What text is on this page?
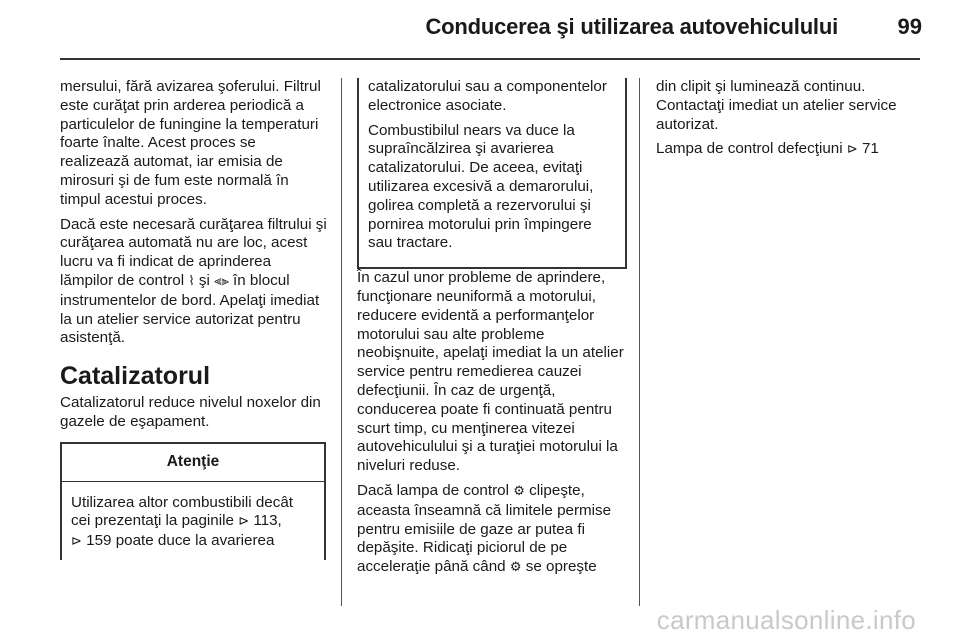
Conducerea şi utilizarea autovehiculului	99

mersului, fără avizarea şoferului. Filtrul este curăţat prin arderea periodică a particulelor de funingine la temperaturi foarte înalte. Acest proces se realizează automat, iar emisia de mirosuri şi de fum este normală în timpul acestui proces.

Dacă este necesară curăţarea filtrului şi curăţarea automată nu are loc, acest lucru va fi indicat de aprinderea lămpilor de control ⌇ şi ⫷⫸ în blocul instrumentelor de bord. Apelaţi imediat la un atelier service autorizat pentru asistenţă.

Catalizatorul

Catalizatorul reduce nivelul noxelor din gazele de eşapament.

Atenţie
Utilizarea altor combustibili decât cei prezentaţi la paginile ⊳ 113,
⊳ 159 poate duce la avarierea

catalizatorului sau a componentelor electronice asociate.

Combustibilul nears va duce la supraîncălzirea şi avarierea catalizatorului. De aceea, evitaţi utilizarea excesivă a demarorului, golirea completă a rezervorului şi pornirea motorului prin împingere sau tractare.

În cazul unor probleme de aprindere, funcţionare neuniformă a motorului, reducere evidentă a performanţelor motorului sau alte probleme neobişnuite, apelaţi imediat la un atelier service pentru remedierea cauzei defecţiunii. În caz de urgenţă, conducerea poate fi continuată pentru scurt timp, cu menţinerea vitezei autovehiculului şi a turaţiei motorului la niveluri reduse.

Dacă lampa de control ⚙ clipeşte, aceasta înseamnă că limitele permise pentru emisiile de gaze ar putea fi depăşite. Ridicaţi piciorul de pe acceleraţie până când ⚙ se opreşte

din clipit şi luminează continuu. Contactaţi imediat un atelier service autorizat.

Lampa de control defecţiuni ⊳ 71

carmanualsonline.info
